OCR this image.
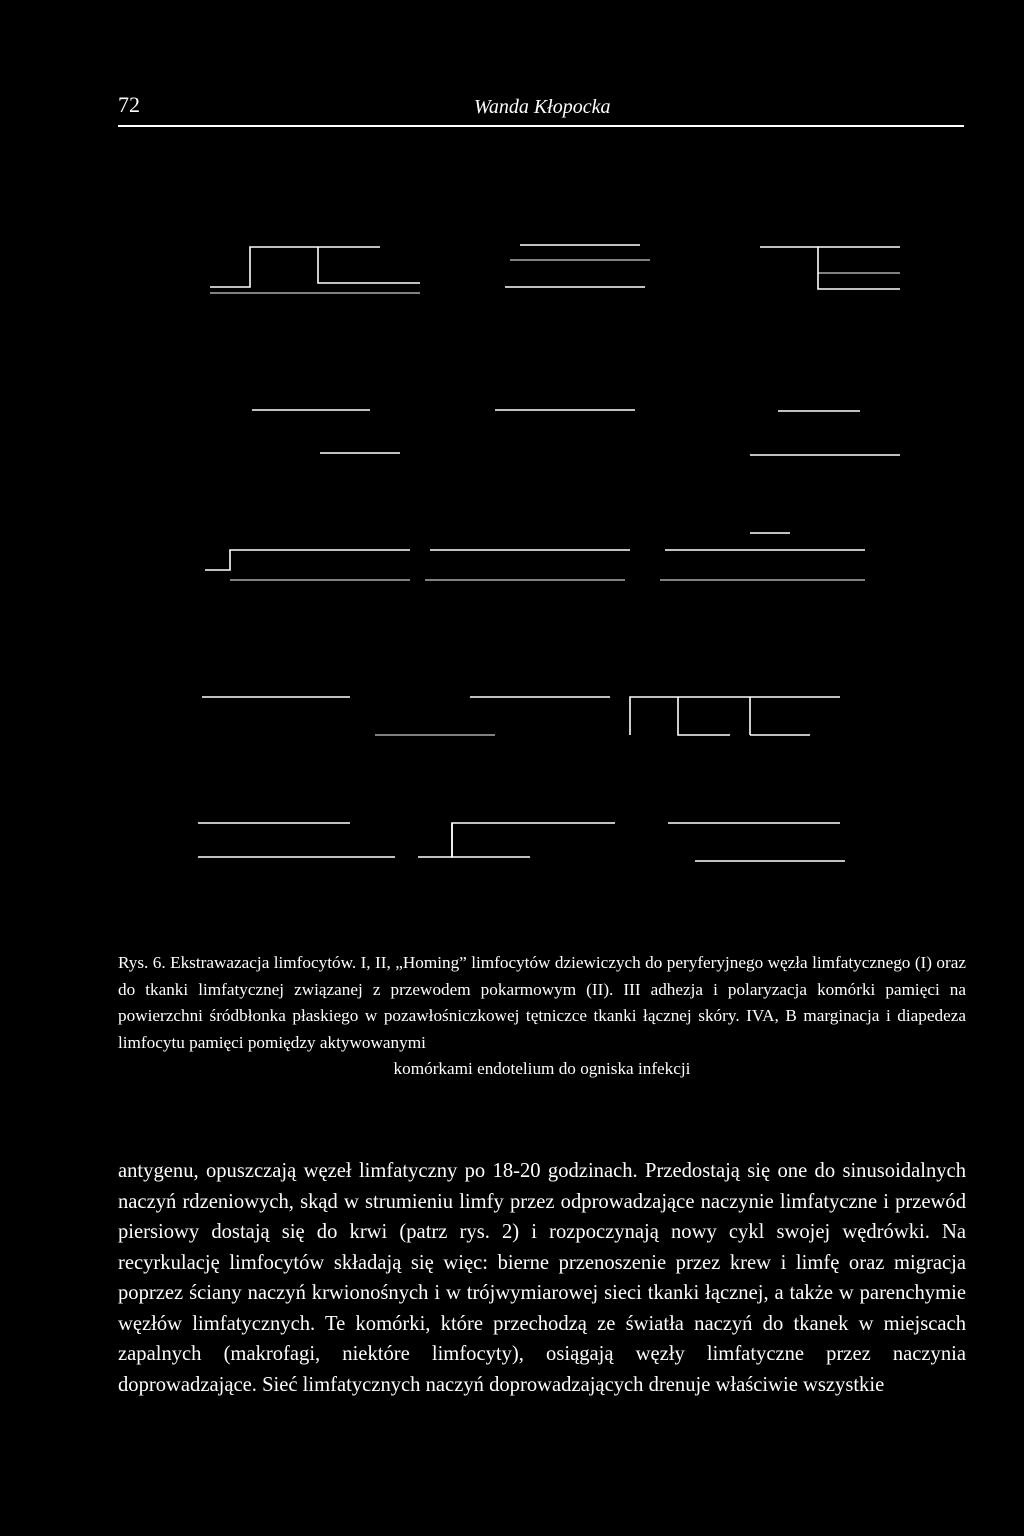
72	Wanda Kłopocka
Rys. 6. Ekstrawazacja limfocytów. I, II, „Homing” limfocytów dziewiczych do peryferyjnego węzła limfatycznego (I) oraz do tkanki limfatycznej związanej z przewodem pokarmowym (II). III adhezja i polaryzacja komórki pamięci na powierzchni śródbłonka płaskiego w pozawłośniczkowej tętniczce tkanki łącznej skóry. IVA, B marginacja i diapedeza limfocytu pamięci pomiędzy aktywowanymi
komórkami endotelium do ogniska infekcji

antygenu, opuszczają węzeł limfatyczny po 18-20 godzinach. Przedostają się one do sinusoidalnych naczyń rdzeniowych, skąd w strumieniu limfy przez odprowadzające naczynie limfatyczne i przewód piersiowy dostają się do krwi (patrz rys. 2) i rozpoczynają nowy cykl swojej wędrówki. Na recyrkulację limfocytów składają się więc: bierne przenoszenie przez krew i limfę oraz migracja poprzez ściany naczyń krwionośnych i w trójwymiarowej sieci tkanki łącznej, a także w parenchymie węzłów limfatycznych. Te komórki, które przechodzą ze światła naczyń do tkanek w miejscach zapalnych (makrofagi, niektóre limfocyty), osiągają węzły limfatyczne przez naczynia doprowadzające. Sieć limfatycznych naczyń doprowadzających drenuje właściwie wszystkie
